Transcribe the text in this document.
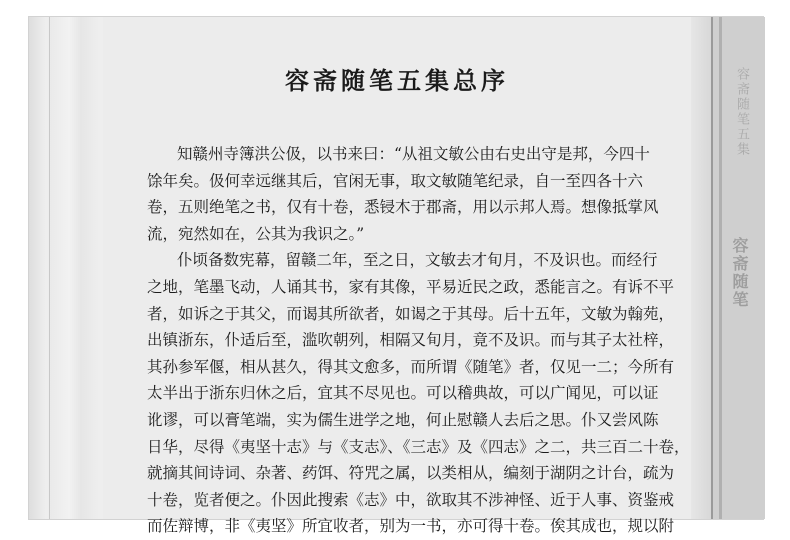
容斋随笔五集总序
知赣州寺簿洪公伋，以书来曰：“从祖文敏公由右史出守是邦，今四十
馀年矣。伋何幸远继其后，官闲无事，取文敏随笔纪录，自一至四各十六
卷，五则绝笔之书，仅有十卷，悉锓木于郡斋，用以示邦人焉。想像抵掌风
流，宛然如在，公其为我识之。”
仆顷备数宪幕，留赣二年，至之日，文敏去才旬月，不及识也。而经行
之地，笔墨飞动，人诵其书，家有其像，平易近民之政，悉能言之。有诉不平
者，如诉之于其父，而谒其所欲者，如谒之于其母。后十五年，文敏为翰苑，
出镇浙东，仆适后至，滥吹朝列，相隔又旬月，竟不及识。而与其子太社梓，
其孙参军偃，相从甚久，得其文愈多，而所谓《随笔》者，仅见一二；今所有
太半出于浙东归休之后，宜其不尽见也。可以稽典故，可以广闻见，可以证
讹谬，可以膏笔端，实为儒生进学之地，何止慰赣人去后之思。仆又尝风陈
日华，尽得《夷坚十志》与《支志》、《三志》及《四志》之二，共三百二十卷，
就摘其间诗词、杂著、药饵、符咒之属，以类相从，编刻于湖阴之计台，疏为
十卷，览者便之。仆因此搜索《志》中，欲取其不涉神怪、近于人事、资鉴戒
而佐辩博，非《夷坚》所宜收者，别为一书，亦可得十卷。俟其成也，规以附
容斋随笔五集
容斋随笔
